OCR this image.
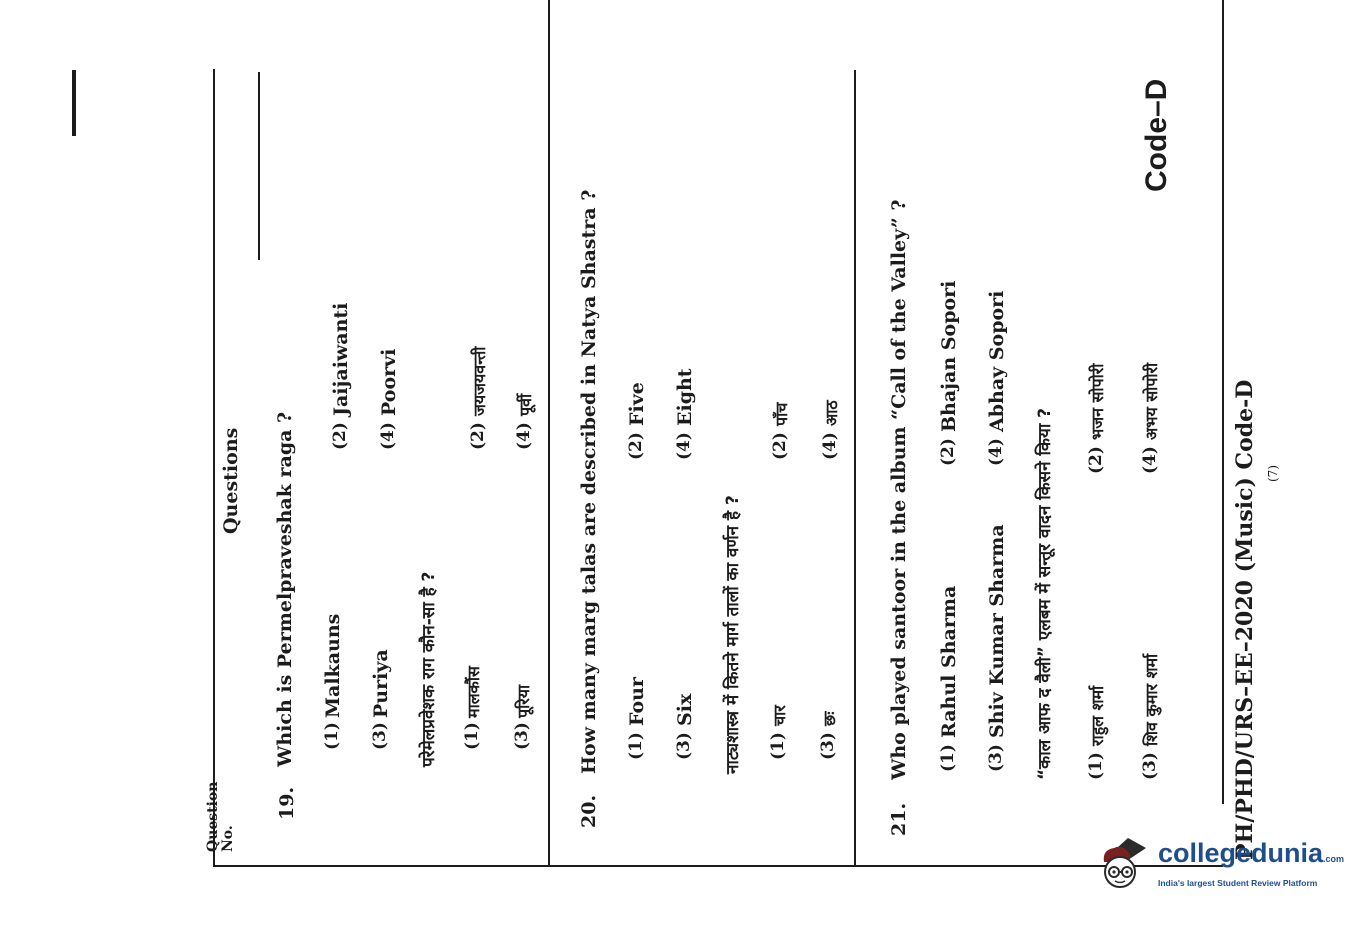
Code–D
Question No.
Questions
19.
Which is Permelpraveshak raga ? (1)
Malkauns
(2)
Jaijaiwanti
(3)
Puriya
(4)
Poorvi
परेमेलप्रवेशक राग कौन-सा है ? (1)
मालकौंस
(2)
जयजयवन्ती
(3)
पूरिया
(4)
पूर्वी
20.
How many marg talas are described in Natya Shastra ? (1)
Four
(2)
Five
(3)
Six
(4)
Eight
नाट्यशास्त्र में कितने मार्ग तालों का वर्णन है ? (1)
चार
(2)
पाँच
(3)
छः
(4)
आठ
21.
Who played santoor in the album “Call of the Valley” ? (1)
Rahul Sharma
(2)
Bhajan Sopori
(3)
Shiv Kumar Sharma
(4)
Abhay Sopori
“काल आफ द वैली” एलबम में सन्तूर वादन किसने किया ? (1)
राहुल शर्मा
(2)
भजन सोपोरी
(3)
शिव कुमार शर्मा
(4)
अभय सोपोरी	PH/PHD/URS–EE–2020 (Music) Code-D (7)
collegedunia.com
India's largest Student Review Platform
